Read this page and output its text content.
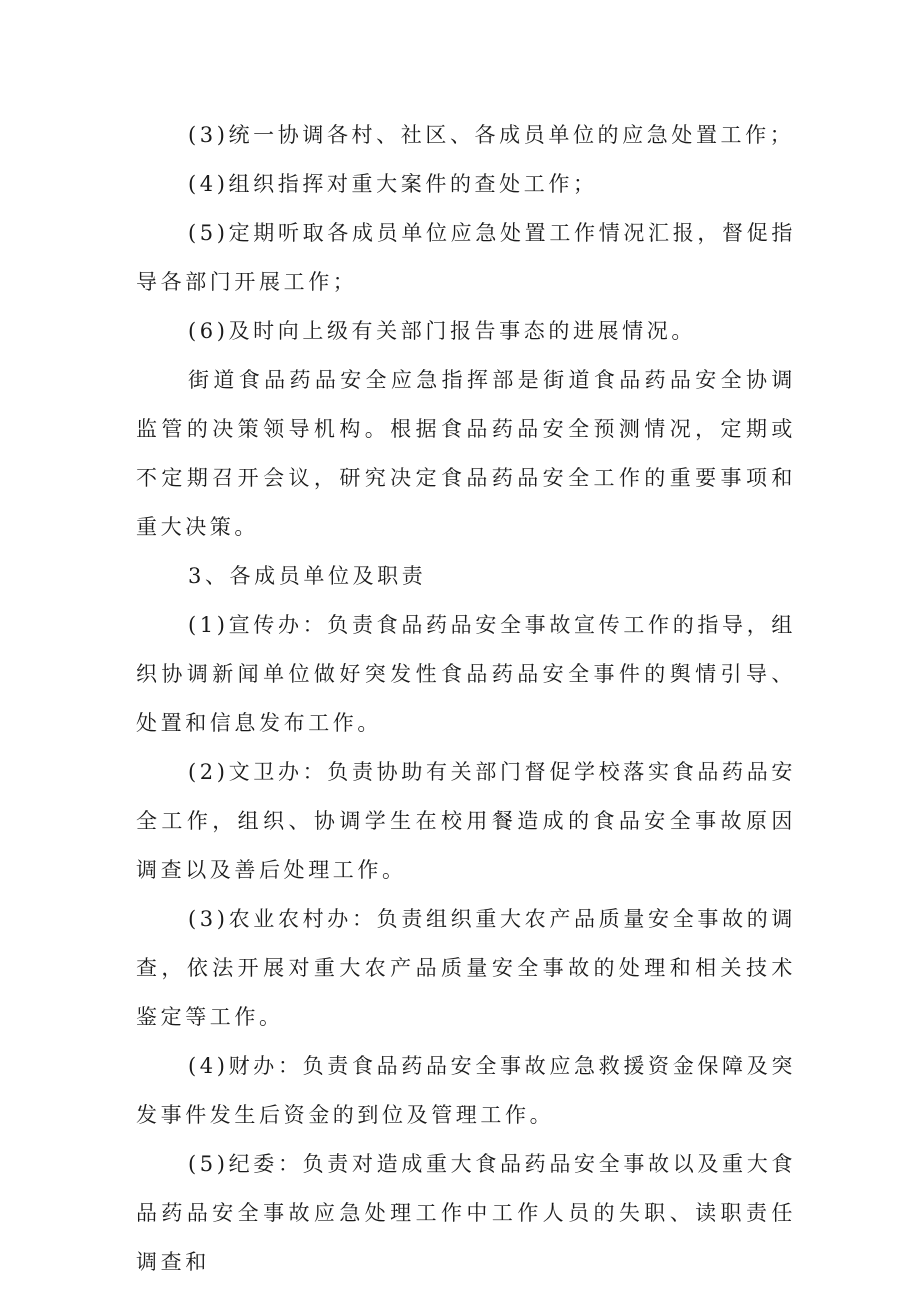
(3)统一协调各村、社区、各成员单位的应急处置工作；

(4)组织指挥对重大案件的查处工作；

(5)定期听取各成员单位应急处置工作情况汇报，督促指导各部门开展工作；

(6)及时向上级有关部门报告事态的进展情况。

街道食品药品安全应急指挥部是街道食品药品安全协调监管的决策领导机构。根据食品药品安全预测情况，定期或不定期召开会议，研究决定食品药品安全工作的重要事项和重大决策。

3、各成员单位及职责

(1)宣传办：负责食品药品安全事故宣传工作的指导，组织协调新闻单位做好突发性食品药品安全事件的舆情引导、处置和信息发布工作。

(2)文卫办：负责协助有关部门督促学校落实食品药品安全工作，组织、协调学生在校用餐造成的食品安全事故原因调查以及善后处理工作。

(3)农业农村办：负责组织重大农产品质量安全事故的调查，依法开展对重大农产品质量安全事故的处理和相关技术鉴定等工作。

(4)财办：负责食品药品安全事故应急救援资金保障及突发事件发生后资金的到位及管理工作。

(5)纪委：负责对造成重大食品药品安全事故以及重大食品药品安全事故应急处理工作中工作人员的失职、读职责任调查和
